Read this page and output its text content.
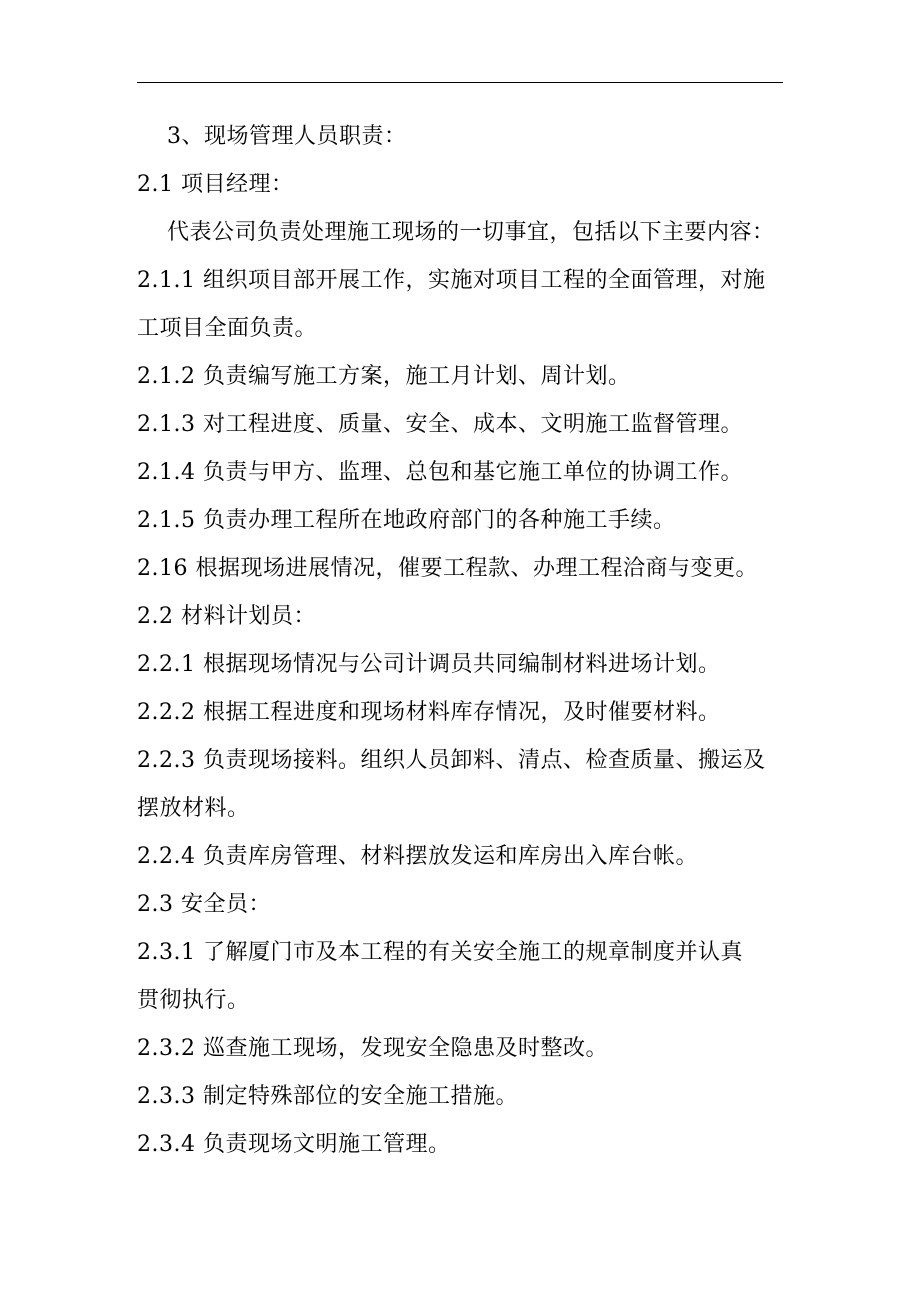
3、现场管理人员职责：
2.1 项目经理：
代表公司负责处理施工现场的一切事宜，包括以下主要内容：
2.1.1 组织项目部开展工作，实施对项目工程的全面管理，对施
工项目全面负责。
2.1.2 负责编写施工方案，施工月计划、周计划。
2.1.3 对工程进度、质量、安全、成本、文明施工监督管理。
2.1.4 负责与甲方、监理、总包和基它施工单位的协调工作。
2.1.5 负责办理工程所在地政府部门的各种施工手续。
2.16 根据现场进展情况，催要工程款、办理工程洽商与变更。
2.2 材料计划员：
2.2.1 根据现场情况与公司计调员共同编制材料进场计划。
2.2.2 根据工程进度和现场材料库存情况，及时催要材料。
2.2.3 负责现场接料。组织人员卸料、清点、检查质量、搬运及
摆放材料。
2.2.4 负责库房管理、材料摆放发运和库房出入库台帐。
2.3 安全员：
2.3.1 了解厦门市及本工程的有关安全施工的规章制度并认真
贯彻执行。
2.3.2 巡查施工现场，发现安全隐患及时整改。
2.3.3 制定特殊部位的安全施工措施。
2.3.4 负责现场文明施工管理。
